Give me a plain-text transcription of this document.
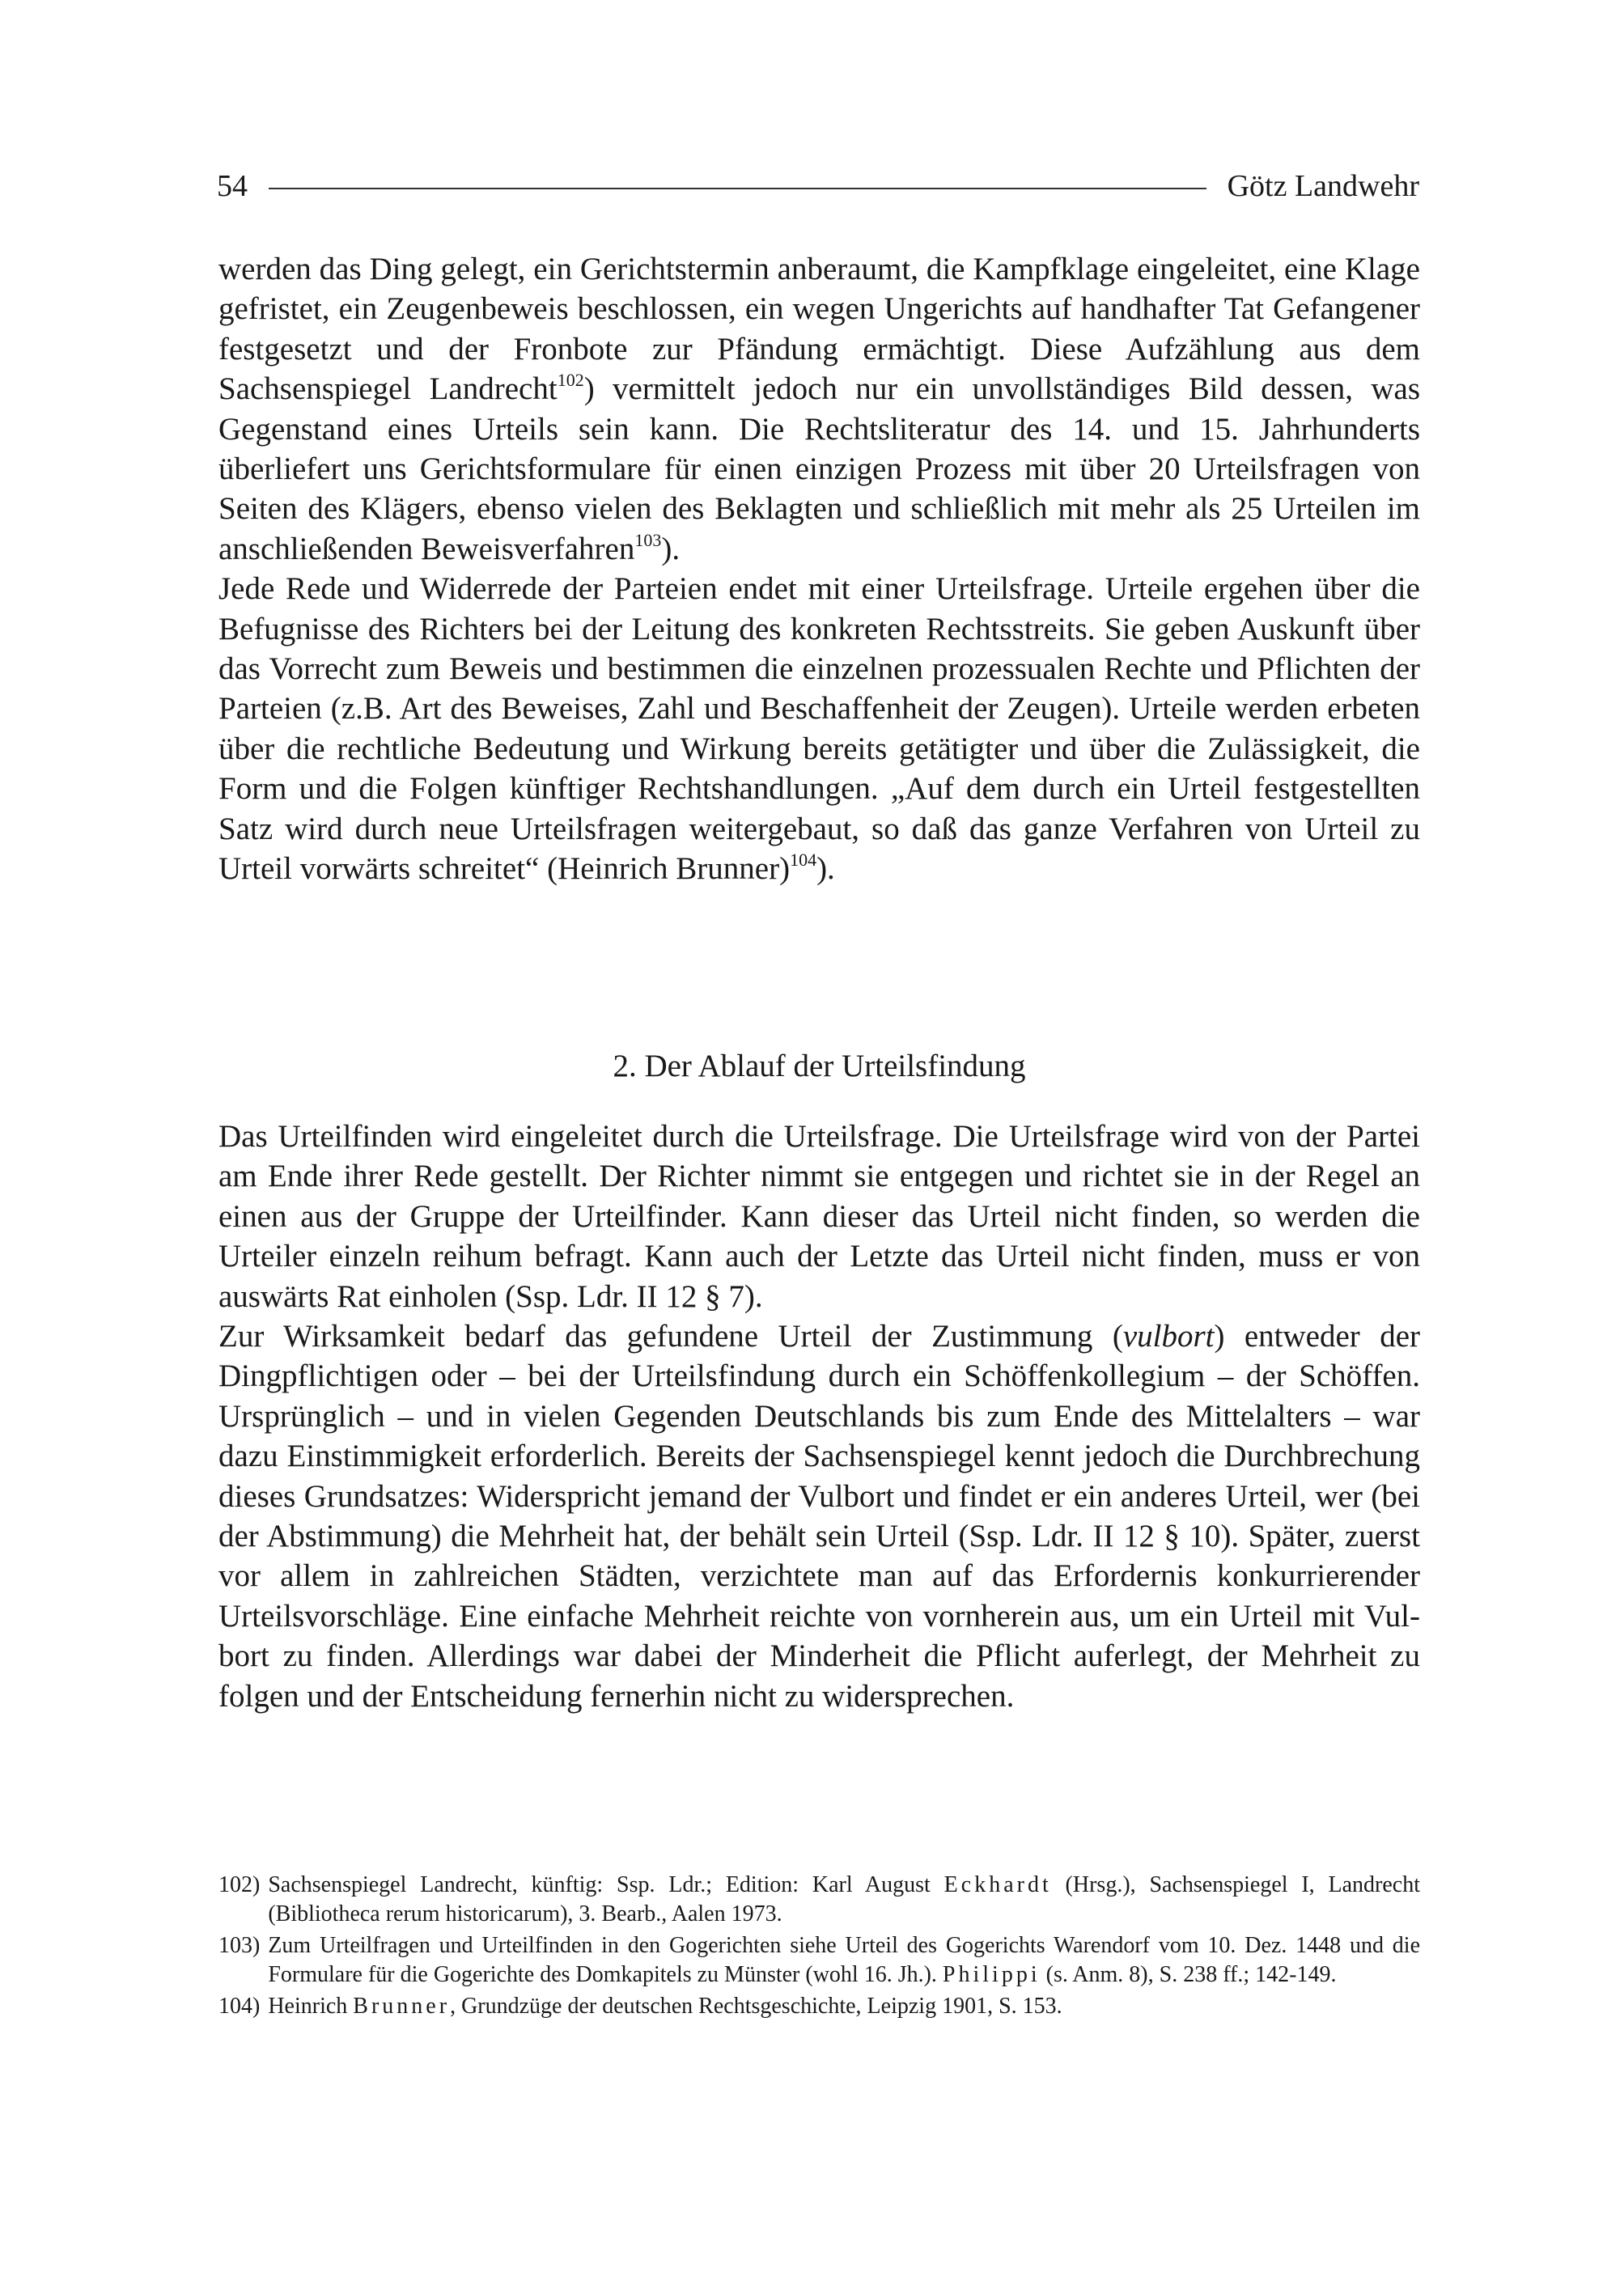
54	Götz Landwehr

werden das Ding gelegt, ein Gerichtstermin anberaumt, die Kampfklage eingeleitet, eine Klage gefristet, ein Zeugenbeweis beschlossen, ein wegen Ungerichts auf handhafter Tat Gefangener festgesetzt und der Fronbote zur Pfändung ermächtigt. Diese Aufzählung aus dem Sachsenspiegel Landrecht$^{102}$) vermittelt jedoch nur ein unvollständiges Bild dessen, was Gegenstand eines Urteils sein kann. Die Rechtsliteratur des 14. und 15. Jahrhunderts überliefert uns Gerichtsformulare für einen einzigen Prozess mit über 20 Urteilsfragen von Seiten des Klägers, ebenso vielen des Beklagten und schließlich mit mehr als 25 Urteilen im anschließenden Beweisverfahren$^{103}$).

Jede Rede und Widerrede der Parteien endet mit einer Urteilsfrage. Urteile ergehen über die Befugnisse des Richters bei der Leitung des konkreten Rechtsstreits. Sie geben Auskunft über das Vorrecht zum Beweis und bestimmen die einzelnen prozessualen Rechte und Pflichten der Parteien (z.B. Art des Beweises, Zahl und Beschaffenheit der Zeugen). Urteile werden erbeten über die rechtliche Bedeutung und Wirkung bereits getätigter und über die Zulässigkeit, die Form und die Folgen künftiger Rechtshandlungen. „Auf dem durch ein Urteil festgestellten Satz wird durch neue Urteilsfragen weitergebaut, so daß das ganze Verfahren von Urteil zu Urteil vorwärts schreitet“ (Heinrich Brunner)$^{104}$).

2. Der Ablauf der Urteilsfindung

Das Urteilfinden wird eingeleitet durch die Urteilsfrage. Die Urteilsfrage wird von der Partei am Ende ihrer Rede gestellt. Der Richter nimmt sie entgegen und richtet sie in der Regel an einen aus der Gruppe der Urteilfinder. Kann dieser das Urteil nicht finden, so werden die Urteiler einzeln reihum befragt. Kann auch der Letzte das Urteil nicht finden, muss er von auswärts Rat einholen (Ssp. Ldr. II 12 § 7).

Zur Wirksamkeit bedarf das gefundene Urteil der Zustimmung (vulbort) entweder der Dingpflichtigen oder – bei der Urteilsfindung durch ein Schöffenkollegium – der Schöffen. Ursprünglich – und in vielen Gegenden Deutschlands bis zum Ende des Mittelalters – war dazu Einstimmigkeit erforderlich. Bereits der Sachsenspiegel kennt jedoch die Durchbrechung dieses Grundsatzes: Widerspricht jemand der Vulbort und findet er ein anderes Urteil, wer (bei der Abstimmung) die Mehrheit hat, der behält sein Urteil (Ssp. Ldr. II 12 § 10). Später, zuerst vor allem in zahlreichen Städten, verzichtete man auf das Erfordernis konkurrierender Urteilsvorschläge. Eine einfache Mehrheit reichte von vornherein aus, um ein Urteil mit Vulbort zu finden. Allerdings war dabei der Minderheit die Pflicht auferlegt, der Mehrheit zu folgen und der Entscheidung fernerhin nicht zu widersprechen.

102) Sachsenspiegel Landrecht, künftig: Ssp. Ldr.; Edition: Karl August Eckhardt (Hrsg.), Sachsenspiegel I, Landrecht (Bibliotheca rerum historicarum), 3. Bearb., Aalen 1973.
103) Zum Urteilfragen und Urteilfinden in den Gogerichten siehe Urteil des Gogerichts Warendorf vom 10. Dez. 1448 und die Formulare für die Gogerichte des Domkapitels zu Münster (wohl 16. Jh.). Philippi (s. Anm. 8), S. 238 ff.; 142-149.
104) Heinrich Brunner, Grundzüge der deutschen Rechtsgeschichte, Leipzig 1901, S. 153.
